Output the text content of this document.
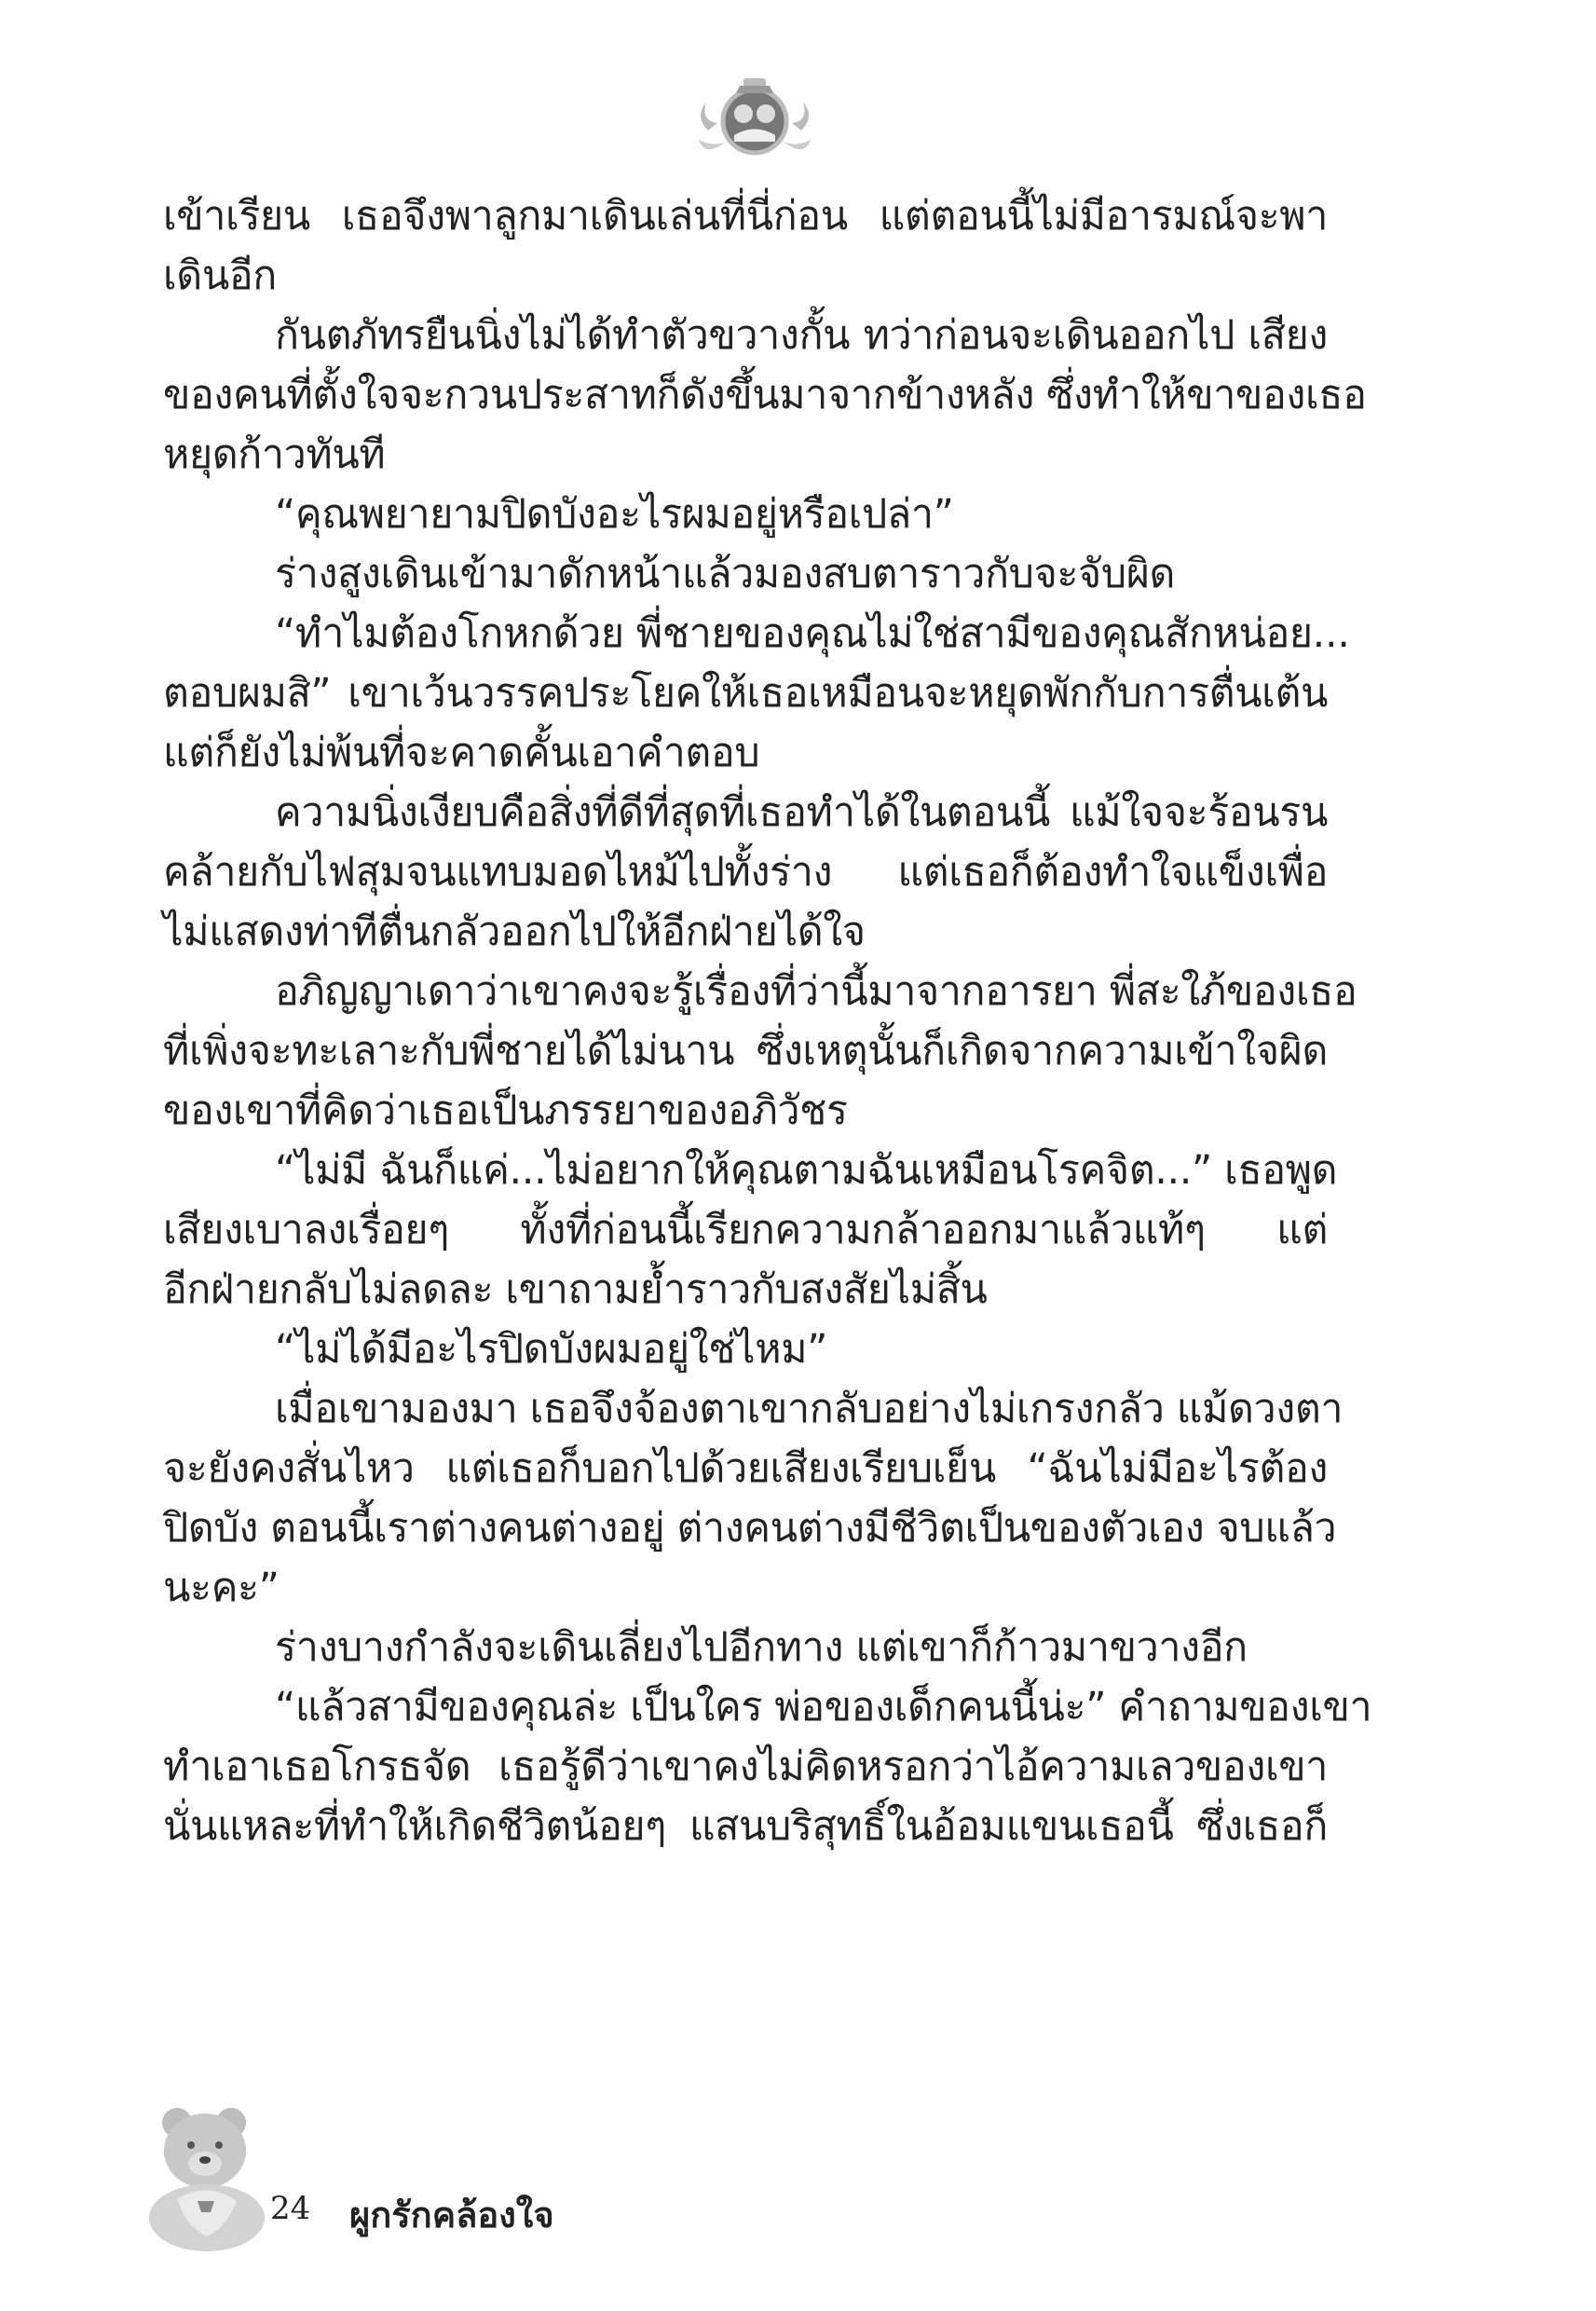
เข้าเรียน เธอจึงพาลูกมาเดินเล่นที่นี่ก่อน แต่ตอนนี้ไม่มีอารมณ์จะพา
เดินอีก
กันตภัทรยืนนิ่งไม่ได้ทำตัวขวางกั้น ทว่าก่อนจะเดินออกไป เสียง
ของคนที่ตั้งใจจะกวนประสาทก็ดังขึ้นมาจากข้างหลัง ซึ่งทำให้ขาของเธอ
หยุดก้าวทันที
“คุณพยายามปิดบังอะไรผมอยู่หรือเปล่า”
ร่างสูงเดินเข้ามาดักหน้าแล้วมองสบตาราวกับจะจับผิด
“ทำไมต้องโกหกด้วย พี่ชายของคุณไม่ใช่สามีของคุณสักหน่อย...
ตอบผมสิ” เขาเว้นวรรคประโยคให้เธอเหมือนจะหยุดพักกับการตื่นเต้น
แต่ก็ยังไม่พ้นที่จะคาดคั้นเอาคำตอบ
ความนิ่งเงียบคือสิ่งที่ดีที่สุดที่เธอทำได้ในตอนนี้ แม้ใจจะร้อนรน
คล้ายกับไฟสุมจนแทบมอดไหม้ไปทั้งร่าง แต่เธอก็ต้องทำใจแข็งเพื่อ
ไม่แสดงท่าทีตื่นกลัวออกไปให้อีกฝ่ายได้ใจ
อภิญญาเดาว่าเขาคงจะรู้เรื่องที่ว่านี้มาจากอารยา พี่สะใภ้ของเธอ
ที่เพิ่งจะทะเลาะกับพี่ชายได้ไม่นาน ซึ่งเหตุนั้นก็เกิดจากความเข้าใจผิด
ของเขาที่คิดว่าเธอเป็นภรรยาของอภิวัชร
“ไม่มี ฉันก็แค่...ไม่อยากให้คุณตามฉันเหมือนโรคจิต...” เธอพูด
เสียงเบาลงเรื่อยๆ ทั้งที่ก่อนนี้เรียกความกล้าออกมาแล้วแท้ๆ แต่
อีกฝ่ายกลับไม่ลดละ เขาถามย้ำราวกับสงสัยไม่สิ้น
“ไม่ได้มีอะไรปิดบังผมอยู่ใช่ไหม”
เมื่อเขามองมา เธอจึงจ้องตาเขากลับอย่างไม่เกรงกลัว แม้ดวงตา
จะยังคงสั่นไหว แต่เธอก็บอกไปด้วยเสียงเรียบเย็น “ฉันไม่มีอะไรต้อง
ปิดบัง ตอนนี้เราต่างคนต่างอยู่ ต่างคนต่างมีชีวิตเป็นของตัวเอง จบแล้ว
นะคะ”
ร่างบางกำลังจะเดินเลี่ยงไปอีกทาง แต่เขาก็ก้าวมาขวางอีก
“แล้วสามีของคุณล่ะ เป็นใคร พ่อของเด็กคนนี้น่ะ” คำถามของเขา
ทำเอาเธอโกรธจัด เธอรู้ดีว่าเขาคงไม่คิดหรอกว่าไอ้ความเลวของเขา
นั่นแหละที่ทำให้เกิดชีวิตน้อยๆ แสนบริสุทธิ์ในอ้อมแขนเธอนี้ ซึ่งเธอก็
24 ผูกรักคล้องใจ
